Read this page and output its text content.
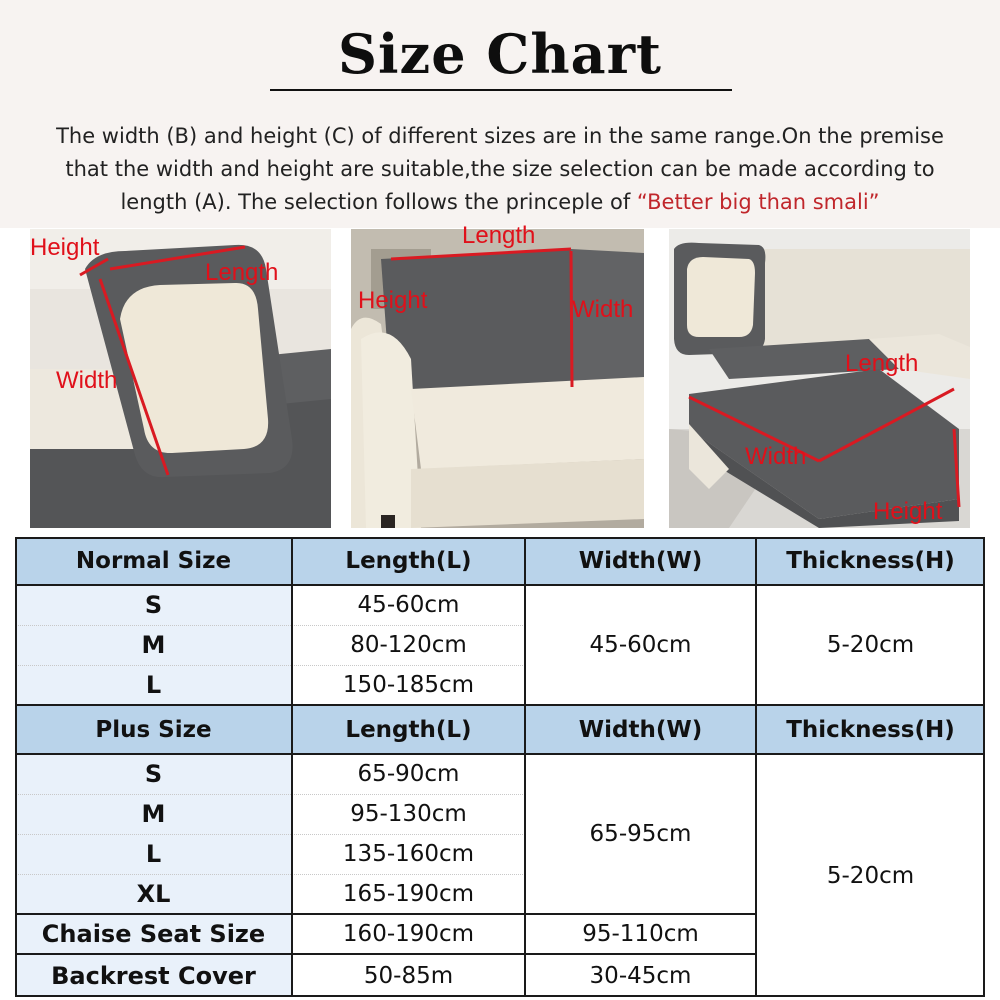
Size Chart
The width (B) and height (C) of different sizes are in the same range.On the premise
that the width and height are suitable,the size selection can be made according to
length (A). The selection follows the princeple of “Better big than smali”
Height
Length
Width
Length
Height	Width
Length
Width
Height
Normal Size	Length(L)	Width(W)	Thickness(H)
S	45-60cm
M	80-120cm
L	150-185cm
45-60cm	5-20cm
Plus Size	Length(L)	Width(W)	Thickness(H)
S	65-90cm
M	95-130cm
L	135-160cm
XL	165-190cm
65-95cm
5-20cm
Chaise Seat Size	160-190cm	95-110cm
Backrest Cover	50-85m	30-45cm
